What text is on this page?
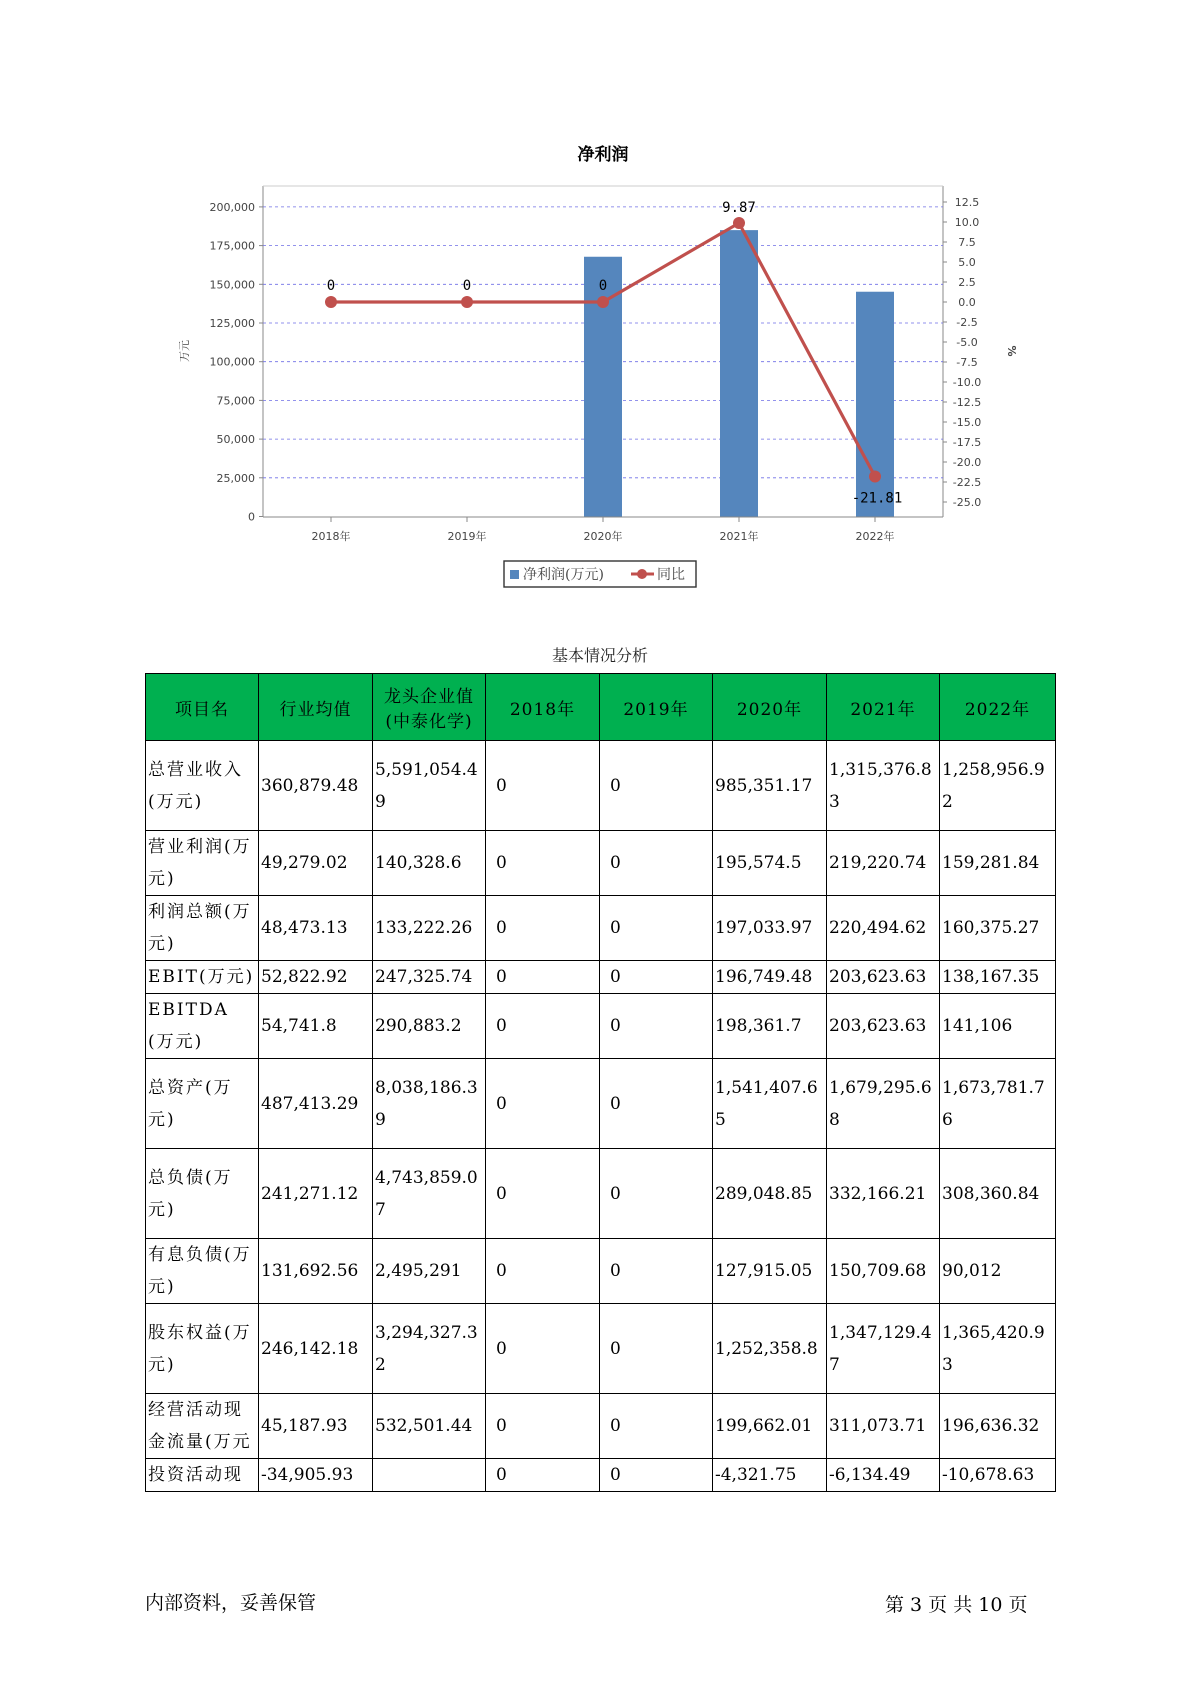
净利润
0
25,000
50,000
75,000
100,000
125,000
150,000
175,000
200,000	12.5
10.0
7.5
5.0
2.5
0.0
-2.5
-5.0
-7.5
-10.0
-12.5
-15.0
-17.5
-20.0
-22.5
-25.0
万元	%
2018年	2019年	2020年	2021年	2022年
0	0	0
9.87
-21.81
净利润(万元)	同比
基本情况分析
项目名	行业均值	龙头企业值(中泰化学)	2018年	2019年	2020年	2021年	2022年
总营业收入(万元)	360,879.48	5,591,054.49	0	0	985,351.17	1,315,376.83	1,258,956.92
营业利润(万元)	49,279.02	140,328.6	0	0	195,574.5	219,220.74	159,281.84
利润总额(万元)	48,473.13	133,222.26	0	0	197,033.97	220,494.62	160,375.27
EBIT(万元)	52,822.92	247,325.74	0	0	196,749.48	203,623.63	138,167.35
EBITDA(万元)	54,741.8	290,883.2	0	0	198,361.7	203,623.63	141,106
总资产(万元)	487,413.29	8,038,186.39	0	0	1,541,407.65	1,679,295.68	1,673,781.76
总负债(万元)	241,271.12	4,743,859.07	0	0	289,048.85	332,166.21	308,360.84
有息负债(万元)	131,692.56	2,495,291	0	0	127,915.05	150,709.68	90,012
股东权益(万元)	246,142.18	3,294,327.32	0	0	1,252,358.8	1,347,129.47	1,365,420.93
经营活动现金流量(万元	45,187.93	532,501.44	0	0	199,662.01	311,073.71	196,636.32
投资活动现	-34,905.93		0	0	-4,321.75	-6,134.49	-10,678.63
内部资料，妥善保管	第 3 页 共 10 页
